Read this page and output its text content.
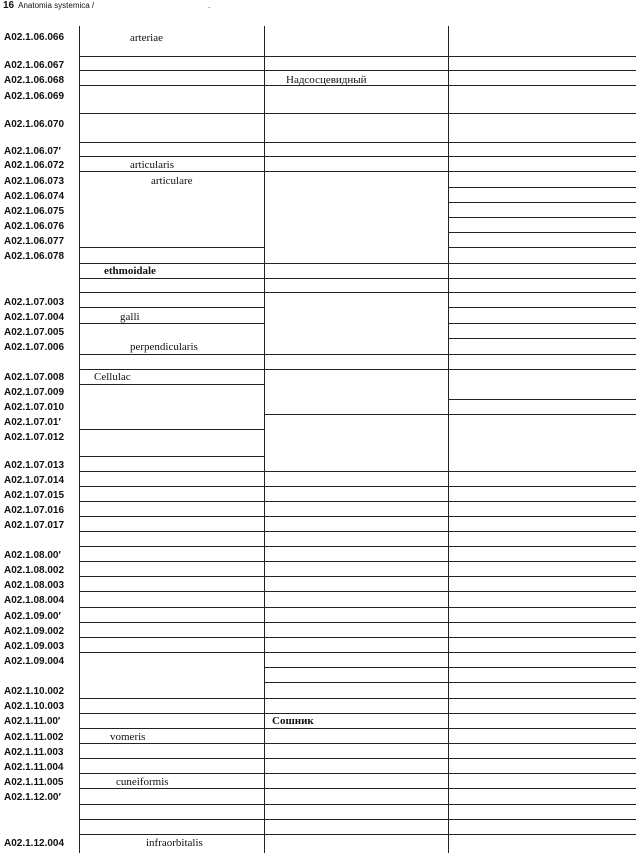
16 Anatomia systemica /	.
A02.1.06.066
A02.1.06.067
A02.1.06.068
A02.1.06.069
A02.1.06.070
A02.1.06.07′
A02.1.06.072
A02.1.06.073
A02.1.06.074
A02.1.06.075
A02.1.06.076
A02.1.06.077
A02.1.06.078
A02.1.07.003
A02.1.07.004
A02.1.07.005
A02.1.07.006
A02.1.07.008
A02.1.07.009
A02.1.07.010
A02.1.07.01′
A02.1.07.012
A02.1.07.013
A02.1.07.014
A02.1.07.015
A02.1.07.016
A02.1.07.017
A02.1.08.00′
A02.1.08.002
A02.1.08.003
A02.1.08.004
A02.1.09.00′
A02.1.09.002
A02.1.09.003
A02.1.09.004
A02.1.10.002
A02.1.10.003
A02.1.11.00′
A02.1.11.002
A02.1.11.003
A02.1.11.004
A02.1.11.005
A02.1.12.00′
A02.1.12.004
arteriae
articularis
articulare
ethmoidale
galli
perpendicularis
Cellulac
vomeris
cuneiformis
infraorbitalis
Надсосцевидный
Сошник
